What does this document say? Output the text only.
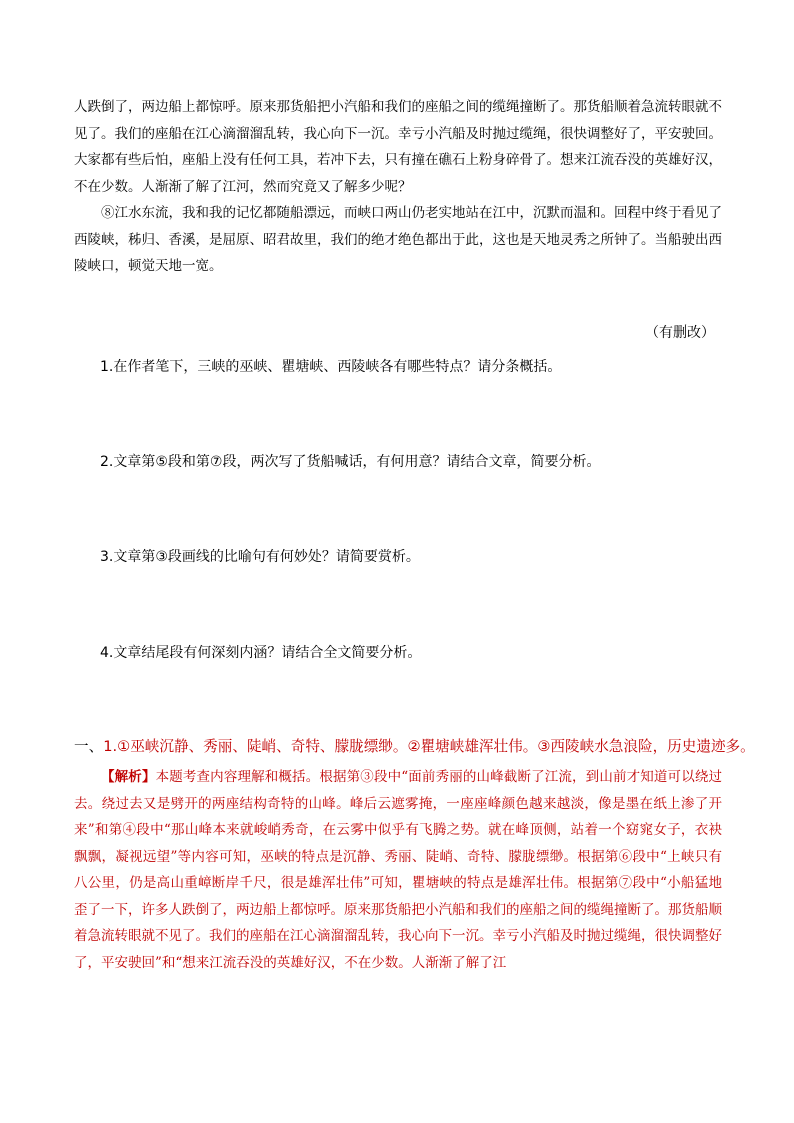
人跌倒了，两边船上都惊呼。原来那货船把小汽船和我们的座船之间的缆绳撞断了。那货船顺着急流转眼就不见了。我们的座船在江心滴溜溜乱转，我心向下一沉。幸亏小汽船及时抛过缆绳，很快调整好了，平安驶回。大家都有些后怕，座船上没有任何工具，若冲下去，只有撞在礁石上粉身碎骨了。想来江流吞没的英雄好汉，不在少数。人渐渐了解了江河，然而究竟又了解多少呢？

⑧江水东流，我和我的记忆都随船漂远，而峡口两山仍老实地站在江中，沉默而温和。回程中终于看见了西陵峡，秭归、香溪，是屈原、昭君故里，我们的绝才绝色都出于此，这也是天地灵秀之所钟了。当船驶出西陵峡口，顿觉天地一宽。

（有删改）
1.在作者笔下，三峡的巫峡、瞿塘峡、西陵峡各有哪些特点？请分条概括。
2.文章第⑤段和第⑦段，两次写了货船喊话，有何用意？请结合文章，简要分析。
3.文章第③段画线的比喻句有何妙处？请简要赏析。
4.文章结尾段有何深刻内涵？请结合全文简要分析。
一、1.①巫峡沉静、秀丽、陡峭、奇特、朦胧缥缈。②瞿塘峡雄浑壮伟。③西陵峡水急浪险，历史遗迹多。

【解析】本题考查内容理解和概括。根据第③段中“面前秀丽的山峰截断了江流，到山前才知道可以绕过去。绕过去又是劈开的两座结构奇特的山峰。峰后云遮雾掩，一座座峰颜色越来越淡，像是墨在纸上渗了开来”和第④段中“那山峰本来就峻峭秀奇，在云雾中似乎有飞腾之势。就在峰顶侧，站着一个窈窕女子，衣袂飘飘，凝视远望”等内容可知，巫峡的特点是沉静、秀丽、陡峭、奇特、朦胧缥缈。根据第⑥段中“上峡只有八公里，仍是高山重嶂断岸千尺，很是雄浑壮伟”可知，瞿塘峡的特点是雄浑壮伟。根据第⑦段中“小船猛地歪了一下，许多人跌倒了，两边船上都惊呼。原来那货船把小汽船和我们的座船之间的缆绳撞断了。那货船顺着急流转眼就不见了。我们的座船在江心滴溜溜乱转，我心向下一沉。幸亏小汽船及时抛过缆绳，很快调整好了，平安驶回”和“想来江流吞没的英雄好汉，不在少数。人渐渐了解了江
